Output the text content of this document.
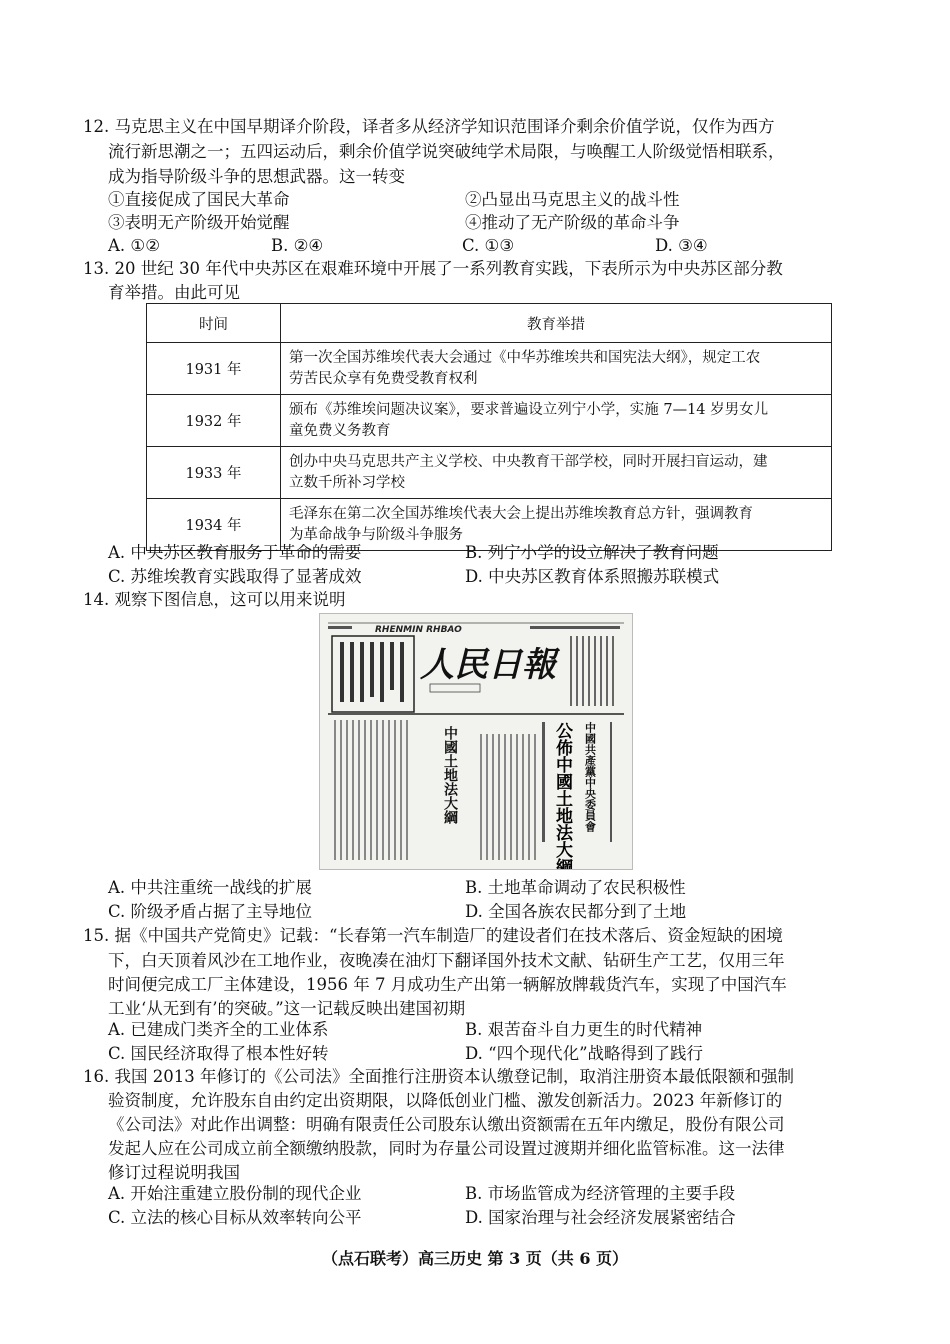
12. 马克思主义在中国早期译介阶段，译者多从经济学知识范围译介剩余价值学说，仅作为西方
流行新思潮之一；五四运动后，剩余价值学说突破纯学术局限，与唤醒工人阶级觉悟相联系，
成为指导阶级斗争的思想武器。这一转变
①直接促成了国民大革命	②凸显出马克思主义的战斗性
③表明无产阶级开始觉醒	④推动了无产阶级的革命斗争
A. ①②	B. ②④	C. ①③	D. ③④
13. 20 世纪 30 年代中央苏区在艰难环境中开展了一系列教育实践，下表所示为中央苏区部分教
育举措。由此可见
时间	教育举措
1931 年	第一次全国苏维埃代表大会通过《中华苏维埃共和国宪法大纲》，规定工农
劳苦民众享有免费受教育权利
1932 年	颁布《苏维埃问题决议案》，要求普遍设立列宁小学，实施 7—14 岁男女儿
童免费义务教育
1933 年	创办中央马克思共产主义学校、中央教育干部学校，同时开展扫盲运动，建
立数千所补习学校
1934 年	毛泽东在第二次全国苏维埃代表大会上提出苏维埃教育总方针，强调教育
为革命战争与阶级斗争服务
A. 中央苏区教育服务于革命的需要	B. 列宁小学的设立解决了教育问题
C. 苏维埃教育实践取得了显著成效	D. 中央苏区教育体系照搬苏联模式
14. 观察下图信息，这可以用来说明
RHENMIN RHBAO
人民日報
中國土地法大綱	中國共產黨中央委員會
公佈中國土地法大綱
A. 中共注重统一战线的扩展	B. 土地革命调动了农民积极性
C. 阶级矛盾占据了主导地位	D. 全国各族农民都分到了土地
15. 据《中国共产党简史》记载：“长春第一汽车制造厂的建设者们在技术落后、资金短缺的困境
下，白天顶着风沙在工地作业，夜晚凑在油灯下翻译国外技术文献、钻研生产工艺，仅用三年
时间便完成工厂主体建设，1956 年 7 月成功生产出第一辆解放牌载货汽车，实现了中国汽车
工业‘从无到有’的突破。”这一记载反映出建国初期
A. 已建成门类齐全的工业体系	B. 艰苦奋斗自力更生的时代精神
C. 国民经济取得了根本性好转	D. “四个现代化”战略得到了践行
16. 我国 2013 年修订的《公司法》全面推行注册资本认缴登记制，取消注册资本最低限额和强制
验资制度，允许股东自由约定出资期限，以降低创业门槛、激发创新活力。2023 年新修订的
《公司法》对此作出调整：明确有限责任公司股东认缴出资额需在五年内缴足，股份有限公司
发起人应在公司成立前全额缴纳股款，同时为存量公司设置过渡期并细化监管标准。这一法律
修订过程说明我国
A. 开始注重建立股份制的现代企业	B. 市场监管成为经济管理的主要手段
C. 立法的核心目标从效率转向公平	D. 国家治理与社会经济发展紧密结合
（点石联考）高三历史 第 3 页（共 6 页）
